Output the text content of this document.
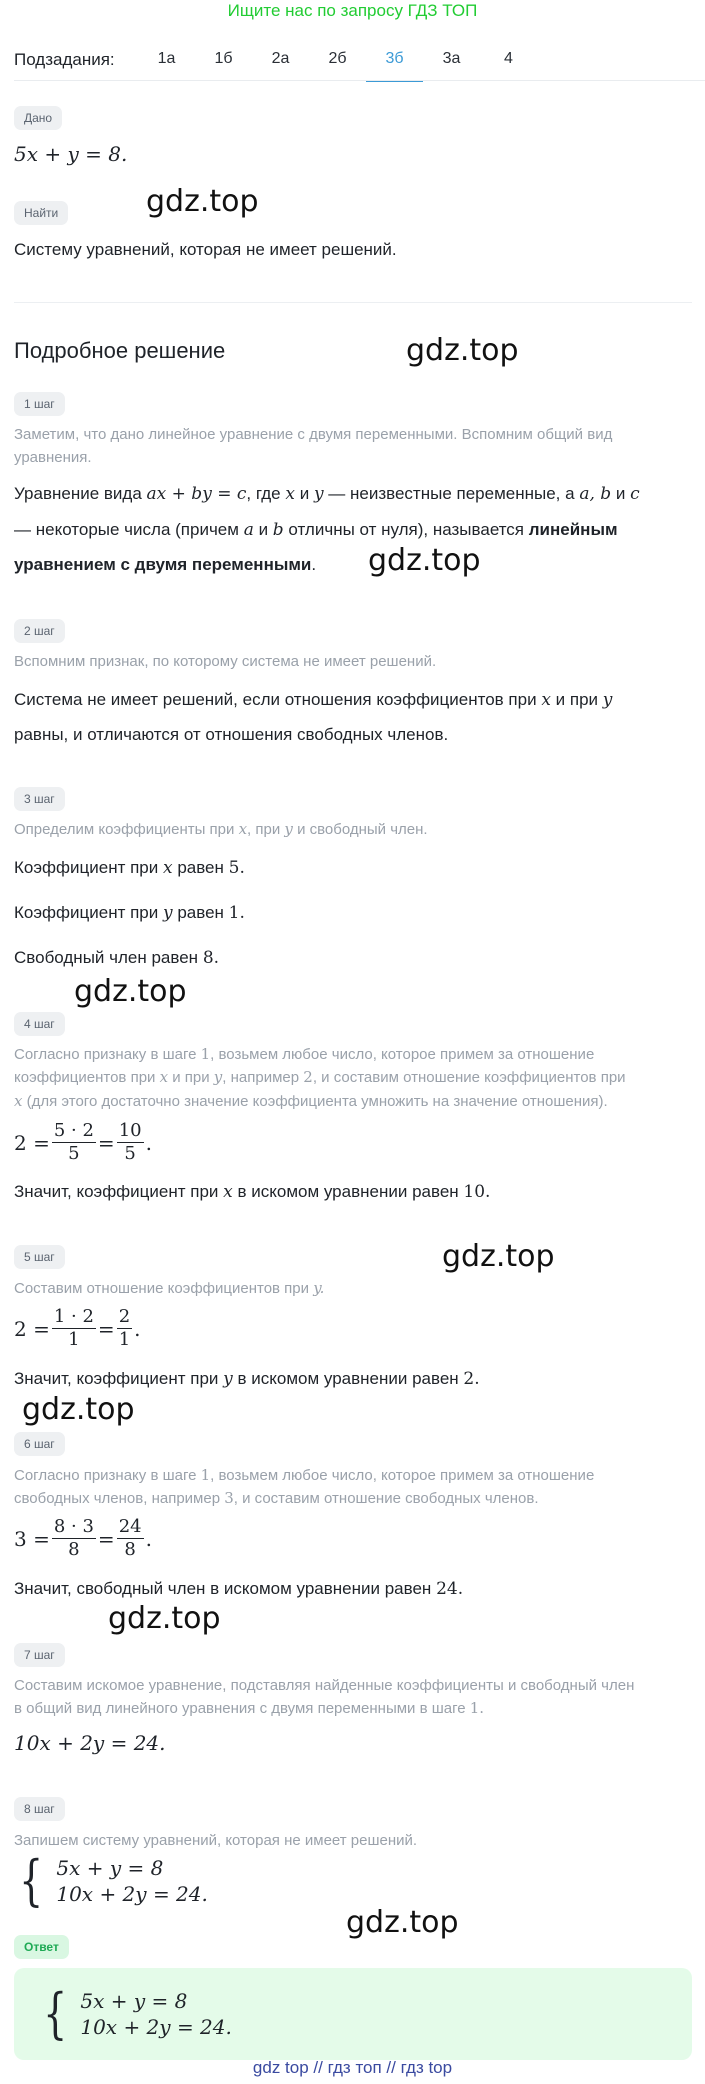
Ищите нас по запросу ГДЗ ТОП
Подзадания:	1а	1б	2а	2б	3б	3а	4
Дано
5x + y = 8.
Найти	gdz.top
Систему уравнений, которая не имеет решений.
Подробное решение	gdz.top
1 шаг
Заметим, что дано линейное уравнение с двумя переменными. Вспомним общий вид уравнения.
Уравнение вида ax + by = c, где x и y — неизвестные переменные, а a, b и c
— некоторые числа (причем a и b отличны от нуля), называется линейным
уравнением с двумя переменными. gdz.top
2 шаг
Вспомним признак, по которому система не имеет решений.
Система не имеет решений, если отношения коэффициентов при x и при y
равны, и отличаются от отношения свободных членов.
3 шаг
Определим коэффициенты при x, при y и свободный член.
Коэффициент при x равен 5.
Коэффициент при y равен 1.
Свободный член равен 8.
gdz.top
4 шаг
Согласно признаку в шаге 1, возьмем любое число, которое примем за отношение
коэффициентов при x и при y, например 2, и составим отношение коэффициентов при
x (для этого достаточно значение коэффициента умножить на значение отношения).
$2 = \frac{5 \cdot 2}{5} = \frac{10}{5}$ .
Значит, коэффициент при x в искомом уравнении равен 10.
gdz.top
5 шаг
Составим отношение коэффициентов при y.
$2 = \frac{1 \cdot 2}{1} = \frac{2}{1}$ .
Значит, коэффициент при y в искомом уравнении равен 2.
gdz.top
6 шаг
Согласно признаку в шаге 1, возьмем любое число, которое примем за отношение
свободных членов, например 3, и составим отношение свободных членов.
$3 = \frac{8 \cdot 3}{8} = \frac{24}{8}$ .
Значит, свободный член в искомом уравнении равен 24.
gdz.top
7 шаг
Составим искомое уравнение, подставляя найденные коэффициенты и свободный член
в общий вид линейного уравнения с двумя переменными в шаге 1.
10x + 2y = 24.
8 шаг
Запишем систему уравнений, которая не имеет решений.
{ 5x + y = 8
10x + 2y = 24.
gdz.top
Ответ
{ 5x + y = 8
10x + 2y = 24.
gdz top // гдз топ // гдз top
